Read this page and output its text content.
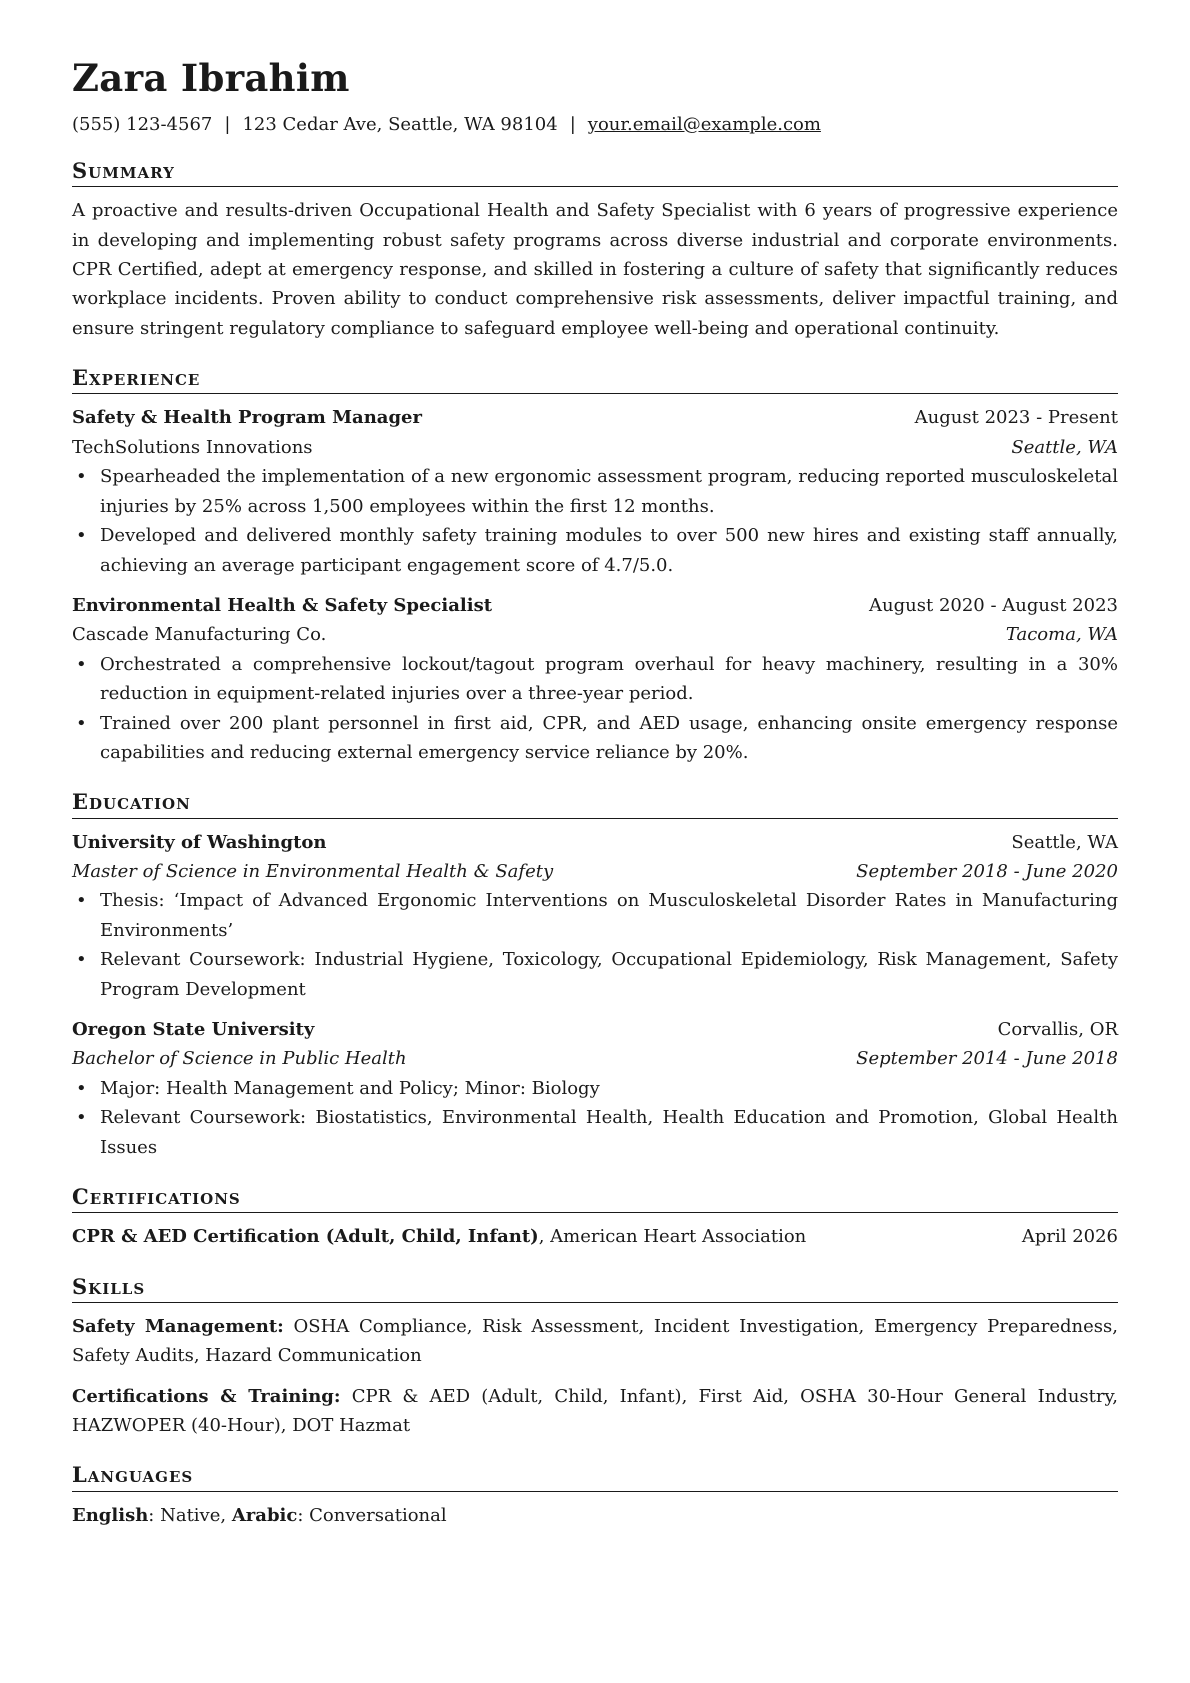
Zara Ibrahim
(555) 123-4567 | 123 Cedar Ave, Seattle, WA 98104 | your.email@example.com
Summary

A proactive and results-driven Occupational Health and Safety Specialist with 6 years of progressive experience in developing and implementing robust safety programs across diverse industrial and corporate environments. CPR Certified, adept at emergency response, and skilled in fostering a culture of safety that significantly reduces workplace incidents. Proven ability to conduct comprehensive risk assessments, deliver impactful training, and ensure stringent regulatory compliance to safeguard employee well-being and operational continuity.

Experience
Safety & Health Program Manager	August 2023 - Present
TechSolutions Innovations	Seattle, WA
• Spearheaded the implementation of a new ergonomic assessment program, reducing reported musculoskeletal injuries by 25% across 1,500 employees within the first 12 months.
• Developed and delivered monthly safety training modules to over 500 new hires and existing staff annually, achieving an average participant engagement score of 4.7/5.0.
Environmental Health & Safety Specialist	August 2020 - August 2023
Cascade Manufacturing Co.	Tacoma, WA
• Orchestrated a comprehensive lockout/tagout program overhaul for heavy machinery, resulting in a 30% reduction in equipment-related injuries over a three-year period.
• Trained over 200 plant personnel in first aid, CPR, and AED usage, enhancing onsite emergency response capabilities and reducing external emergency service reliance by 20%.
Education
University of Washington	Seattle, WA
Master of Science in Environmental Health & Safety	September 2018 - June 2020
• Thesis: ‘Impact of Advanced Ergonomic Interventions on Musculoskeletal Disorder Rates in Manufacturing Environments’
• Relevant Coursework: Industrial Hygiene, Toxicology, Occupational Epidemiology, Risk Management, Safety Program Development
Oregon State University	Corvallis, OR
Bachelor of Science in Public Health	September 2014 - June 2018
• Major: Health Management and Policy; Minor: Biology
• Relevant Coursework: Biostatistics, Environmental Health, Health Education and Promotion, Global Health Issues
Certifications
CPR & AED Certification (Adult, Child, Infant), American Heart Association	April 2026
Skills
Safety Management: OSHA Compliance, Risk Assessment, Incident Investigation, Emergency Preparedness, Safety Audits, Hazard Communication
Certifications & Training: CPR & AED (Adult, Child, Infant), First Aid, OSHA 30-Hour General Industry, HAZWOPER (40-Hour), DOT Hazmat
Languages
English: Native, Arabic: Conversational
